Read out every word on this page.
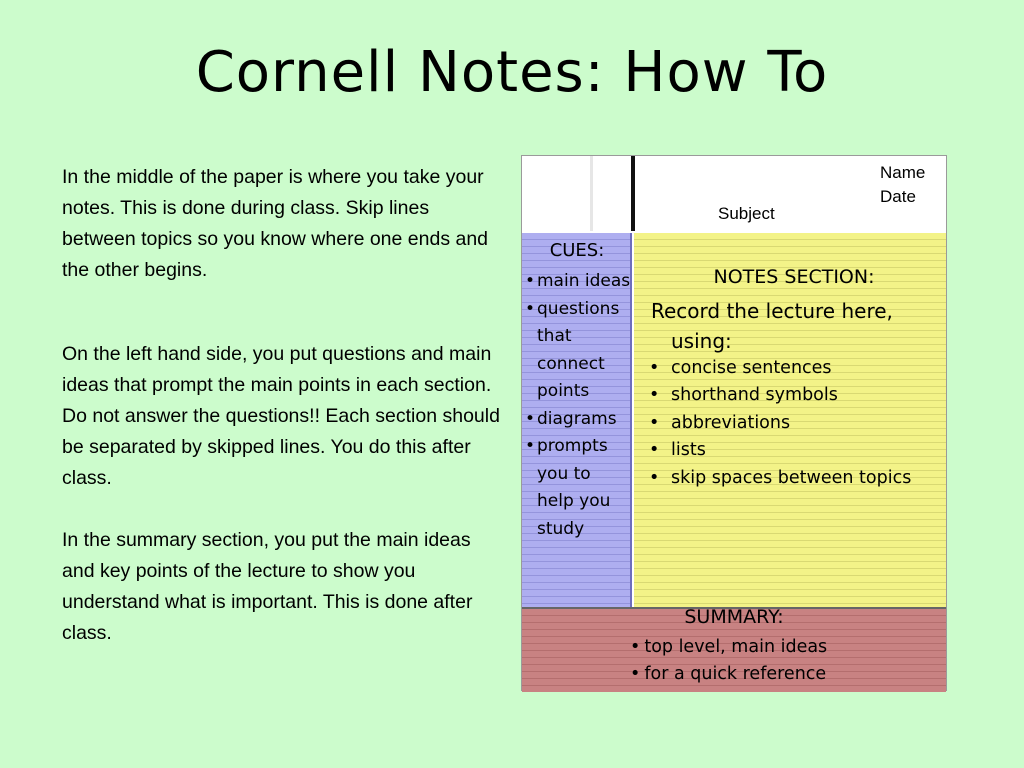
Cornell Notes: How To

In the middle of the paper is where you take your notes. This is done during class. Skip lines between topics so you know where one ends and the other begins.

On the left hand side, you put questions and main ideas that prompt the main points in each section. Do not answer the questions!! Each section should be separated by skipped lines. You do this after class.

In the summary section, you put the main ideas and key points of the lecture to show you understand what is important. This is done after class.

Name
Date
Subject
CUES:
• main ideas
• questions that connect points
• diagrams
• prompts you to help you study
NOTES SECTION:
Record the lecture here,
using:
• concise sentences
• shorthand symbols
• abbreviations
• lists
• skip spaces between topics
SUMMARY:
• top level, main ideas
• for a quick reference
